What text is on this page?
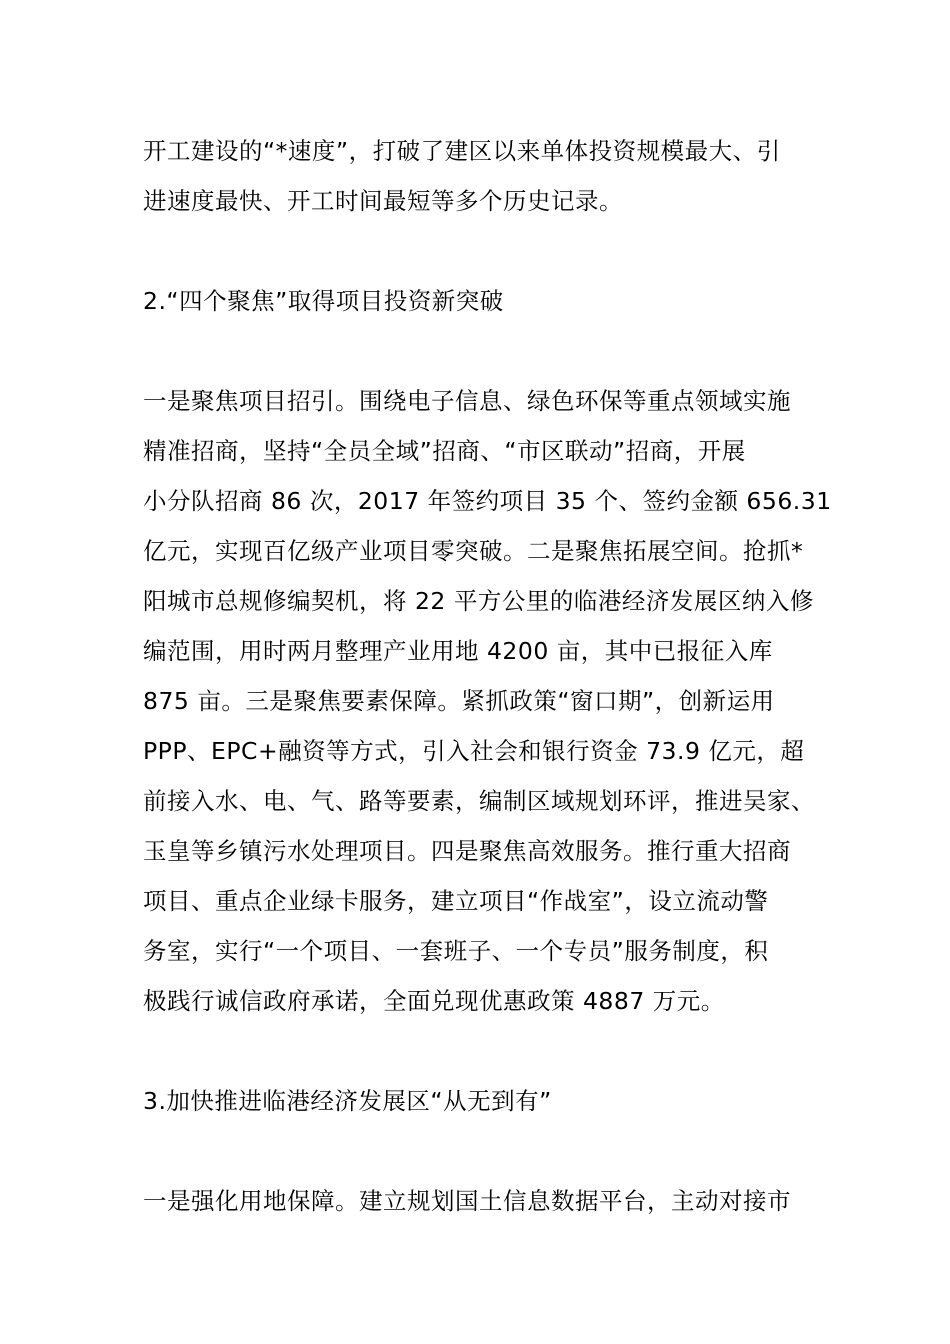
开工建设的“*速度”，打破了建区以来单体投资规模最大、引
进速度最快、开工时间最短等多个历史记录。
2.“四个聚焦”取得项目投资新突破
一是聚焦项目招引。围绕电子信息、绿色环保等重点领域实施
精准招商，坚持“全员全域”招商、“市区联动”招商，开展
小分队招商 86 次，2017 年签约项目 35 个、签约金额 656.31
亿元，实现百亿级产业项目零突破。二是聚焦拓展空间。抢抓*
阳城市总规修编契机，将 22 平方公里的临港经济发展区纳入修
编范围，用时两月整理产业用地 4200 亩，其中已报征入库
875 亩。三是聚焦要素保障。紧抓政策“窗口期”，创新运用
PPP、EPC+融资等方式，引入社会和银行资金 73.9 亿元，超
前接入水、电、气、路等要素，编制区域规划环评，推进吴家、
玉皇等乡镇污水处理项目。四是聚焦高效服务。推行重大招商
项目、重点企业绿卡服务，建立项目“作战室”，设立流动警
务室，实行“一个项目、一套班子、一个专员”服务制度，积
极践行诚信政府承诺，全面兑现优惠政策 4887 万元。
3.加快推进临港经济发展区“从无到有”
一是强化用地保障。建立规划国土信息数据平台，主动对接市
